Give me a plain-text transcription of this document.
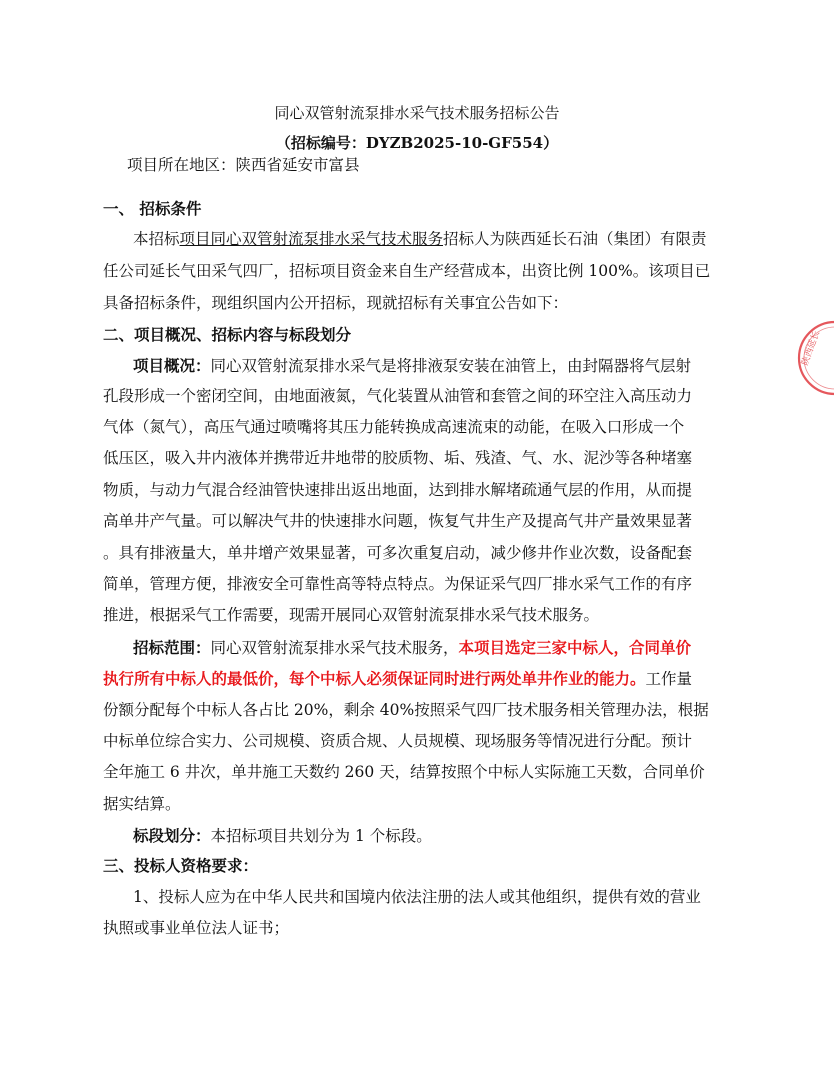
同心双管射流泵排水采气技术服务招标公告
（招标编号：DYZB2025-10-GF554）
项目所在地区：陕西省延安市富县
一、 招标条件
本招标项目同心双管射流泵排水采气技术服务招标人为陕西延长石油（集团）有限责
任公司延长气田采气四厂，招标项目资金来自生产经营成本，出资比例 100%。该项目已
具备招标条件，现组织国内公开招标，现就招标有关事宜公告如下：
二、项目概况、招标内容与标段划分
项目概况：同心双管射流泵排水采气是将排液泵安装在油管上，由封隔器将气层射
孔段形成一个密闭空间，由地面液氮，气化装置从油管和套管之间的环空注入高压动力
气体（氮气），高压气通过喷嘴将其压力能转换成高速流束的动能，在吸入口形成一个
低压区，吸入井内液体并携带近井地带的胶质物、垢、残渣、气、水、泥沙等各种堵塞
物质，与动力气混合经油管快速排出返出地面，达到排水解堵疏通气层的作用，从而提
高单井产气量。可以解决气井的快速排水问题，恢复气井生产及提高气井产量效果显著
。具有排液量大，单井增产效果显著，可多次重复启动，减少修井作业次数，设备配套
简单，管理方便，排液安全可靠性高等特点特点。为保证采气四厂排水采气工作的有序
推进，根据采气工作需要，现需开展同心双管射流泵排水采气技术服务。
招标范围：同心双管射流泵排水采气技术服务，本项目选定三家中标人，合同单价
执行所有中标人的最低价，每个中标人必须保证同时进行两处单井作业的能力。工作量
份额分配每个中标人各占比 20%，剩余 40%按照采气四厂技术服务相关管理办法，根据
中标单位综合实力、公司规模、资质合规、人员规模、现场服务等情况进行分配。预计
全年施工 6 井次，单井施工天数约 260 天，结算按照个中标人实际施工天数，合同单价
据实结算。
标段划分：本招标项目共划分为 1 个标段。
三、投标人资格要求：
1、投标人应为在中华人民共和国境内依法注册的法人或其他组织，提供有效的营业
执照或事业单位法人证书；
陕西延长
